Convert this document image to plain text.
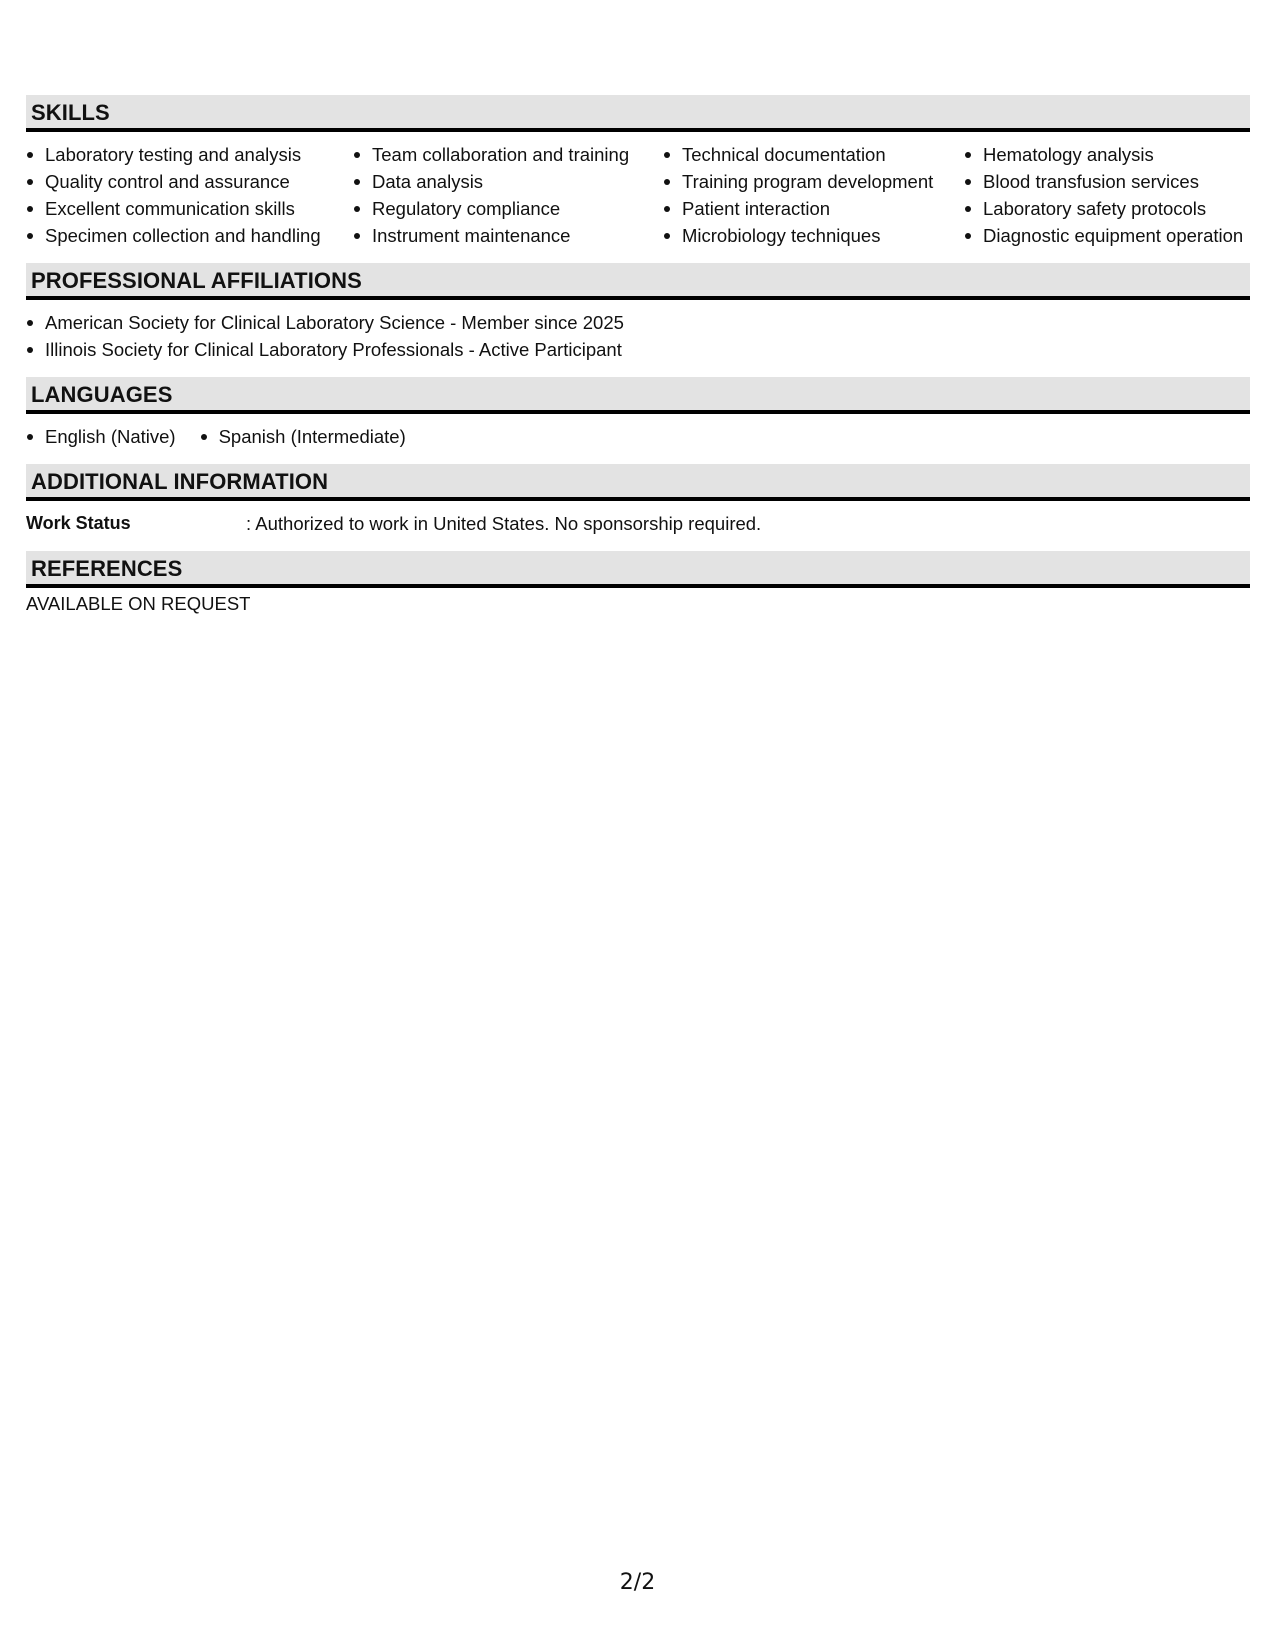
SKILLS
Laboratory testing and analysis
Quality control and assurance
Excellent communication skills
Specimen collection and handling
Team collaboration and training
Data analysis
Regulatory compliance
Instrument maintenance
Technical documentation
Training program development
Patient interaction
Microbiology techniques
Hematology analysis
Blood transfusion services
Laboratory safety protocols
Diagnostic equipment operation
PROFESSIONAL AFFILIATIONS
American Society for Clinical Laboratory Science - Member since 2025
Illinois Society for Clinical Laboratory Professionals - Active Participant
LANGUAGES
English (Native)	Spanish (Intermediate)
ADDITIONAL INFORMATION
Work Status	: Authorized to work in United States. No sponsorship required.
REFERENCES
AVAILABLE ON REQUEST
2/2
